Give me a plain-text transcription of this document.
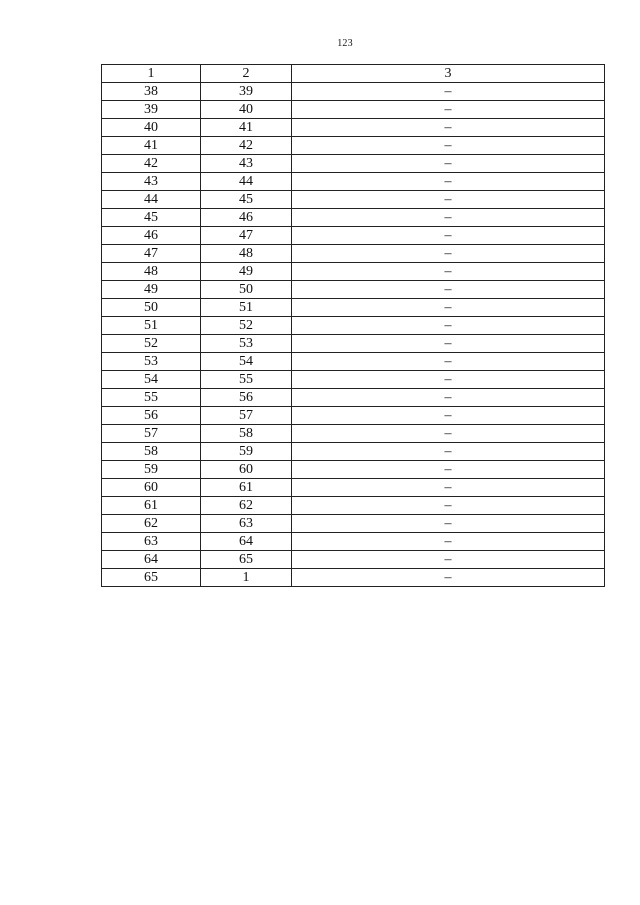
123
1	2	3
38	39	–
39	40	–
40	41	–
41	42	–
42	43	–
43	44	–
44	45	–
45	46	–
46	47	–
47	48	–
48	49	–
49	50	–
50	51	–
51	52	–
52	53	–
53	54	–
54	55	–
55	56	–
56	57	–
57	58	–
58	59	–
59	60	–
60	61	–
61	62	–
62	63	–
63	64	–
64	65	–
65	1	–
